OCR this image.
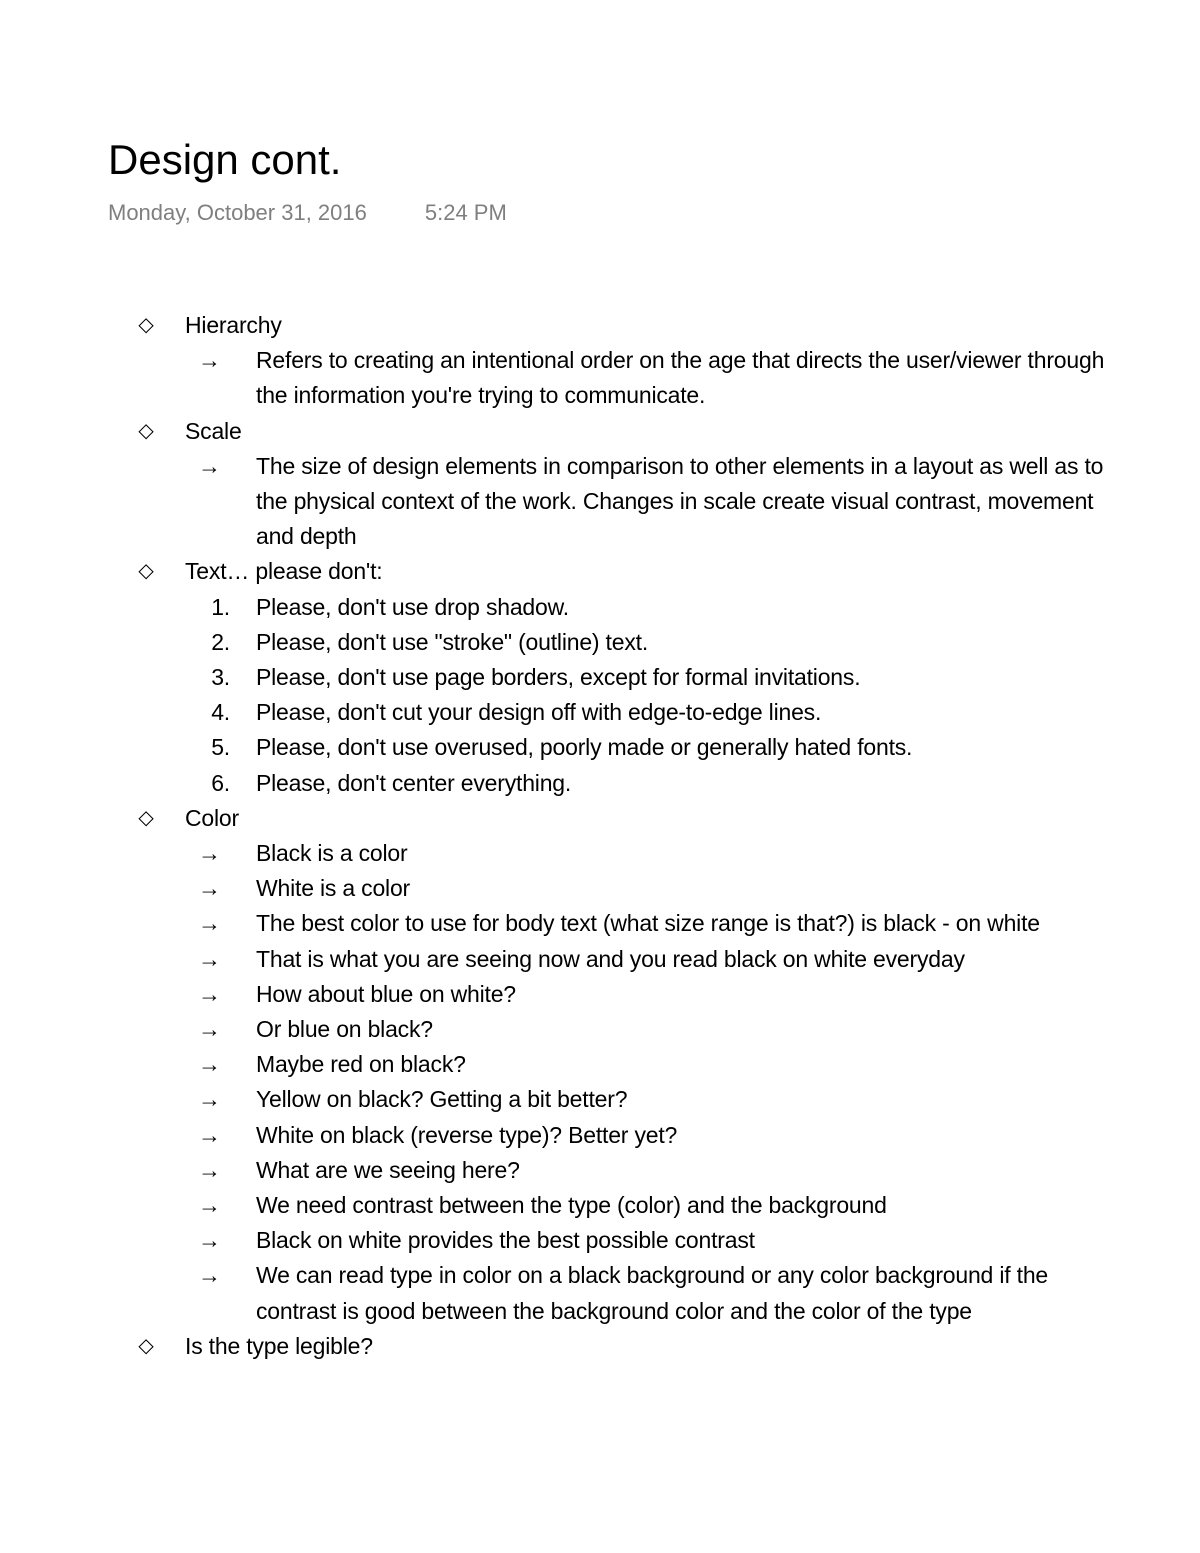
Design cont.
Monday, October 31, 2016	5:24 PM
◇ Hierarchy
→	Refers to creating an intentional order on the age that directs the user/viewer through the information you're trying to communicate.
◇ Scale
→	The size of design elements in comparison to other elements in a layout as well as to the physical context of the work. Changes in scale create visual contrast, movement and depth
◇ Text… please don't:
1. Please, don't use drop shadow.
2. Please, don't use "stroke" (outline) text.
3. Please, don't use page borders, except for formal invitations.
4. Please, don't cut your design off with edge-to-edge lines.
5. Please, don't use overused, poorly made or generally hated fonts.
6. Please, don't center everything.
◇ Color
→	Black is a color
→	White is a color
→	The best color to use for body text (what size range is that?) is black - on white
→	That is what you are seeing now and you read black on white everyday
→	How about blue on white?
→	Or blue on black?
→	Maybe red on black?
→	Yellow on black? Getting a bit better?
→	White on black (reverse type)? Better yet?
→	What are we seeing here?
→	We need contrast between the type (color) and the background
→	Black on white provides the best possible contrast
→	We can read type in color on a black background or any color background if the contrast is good between the background color and the color of the type
◇ Is the type legible?
